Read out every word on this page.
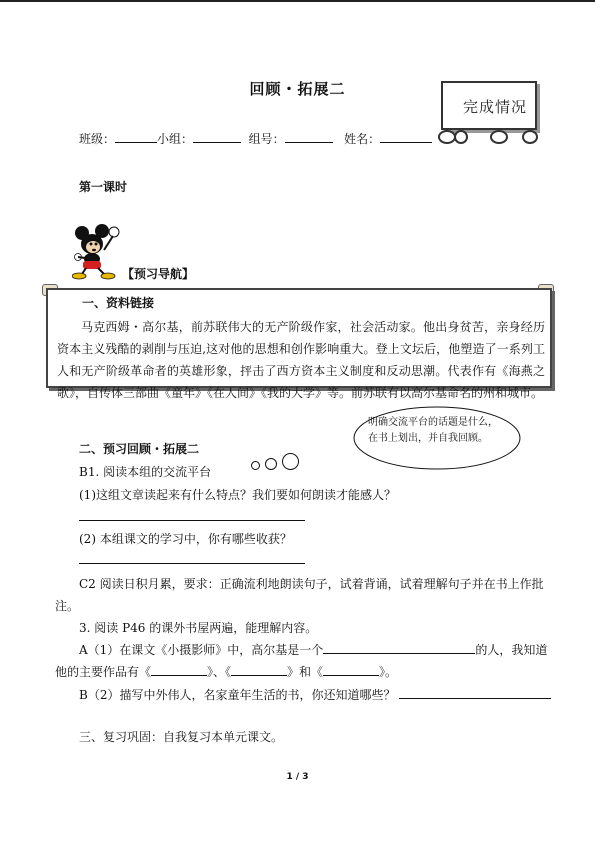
回顾・拓展二
完成情况
班级：	小组：	组号：	姓名：
第一课时
【预习导航】
一、资料链接
马克西姆・高尔基，前苏联伟大的无产阶级作家，社会活动家。他出身贫苦，亲身经历资本主义残酷的剥削与压迫,这对他的思想和创作影响重大。登上文坛后，他塑造了一系列工人和无产阶级革命者的英雄形象，抨击了西方资本主义制度和反动思潮。代表作有《海燕之歌》，自传体三部曲《童年》《在人间》《我的大学》等。前苏联有以高尔基命名的州和城市。
明确交流平台的话题是什么，在书上划出，并自我回顾。
二、预习回顾・拓展二
B1. 阅读本组的交流平台
(1)这组文章读起来有什么特点？我们要如何朗读才能感人？
(2) 本组课文的学习中，你有哪些收获？
C2 阅读日积月累，要求：正确流利地朗读句子，试着背诵，试着理解句子并在书上作批
注。
3. 阅读 P46 的课外书屋两遍，能理解内容。
A（1）在课文《小摄影师》中，高尔基是一个	的人，我知道
他的主要作品有《	》、《	》和《	》。
B（2）描写中外伟人，名家童年生活的书，你还知道哪些？
三、复习巩固：自我复习本单元课文。
1 / 3
